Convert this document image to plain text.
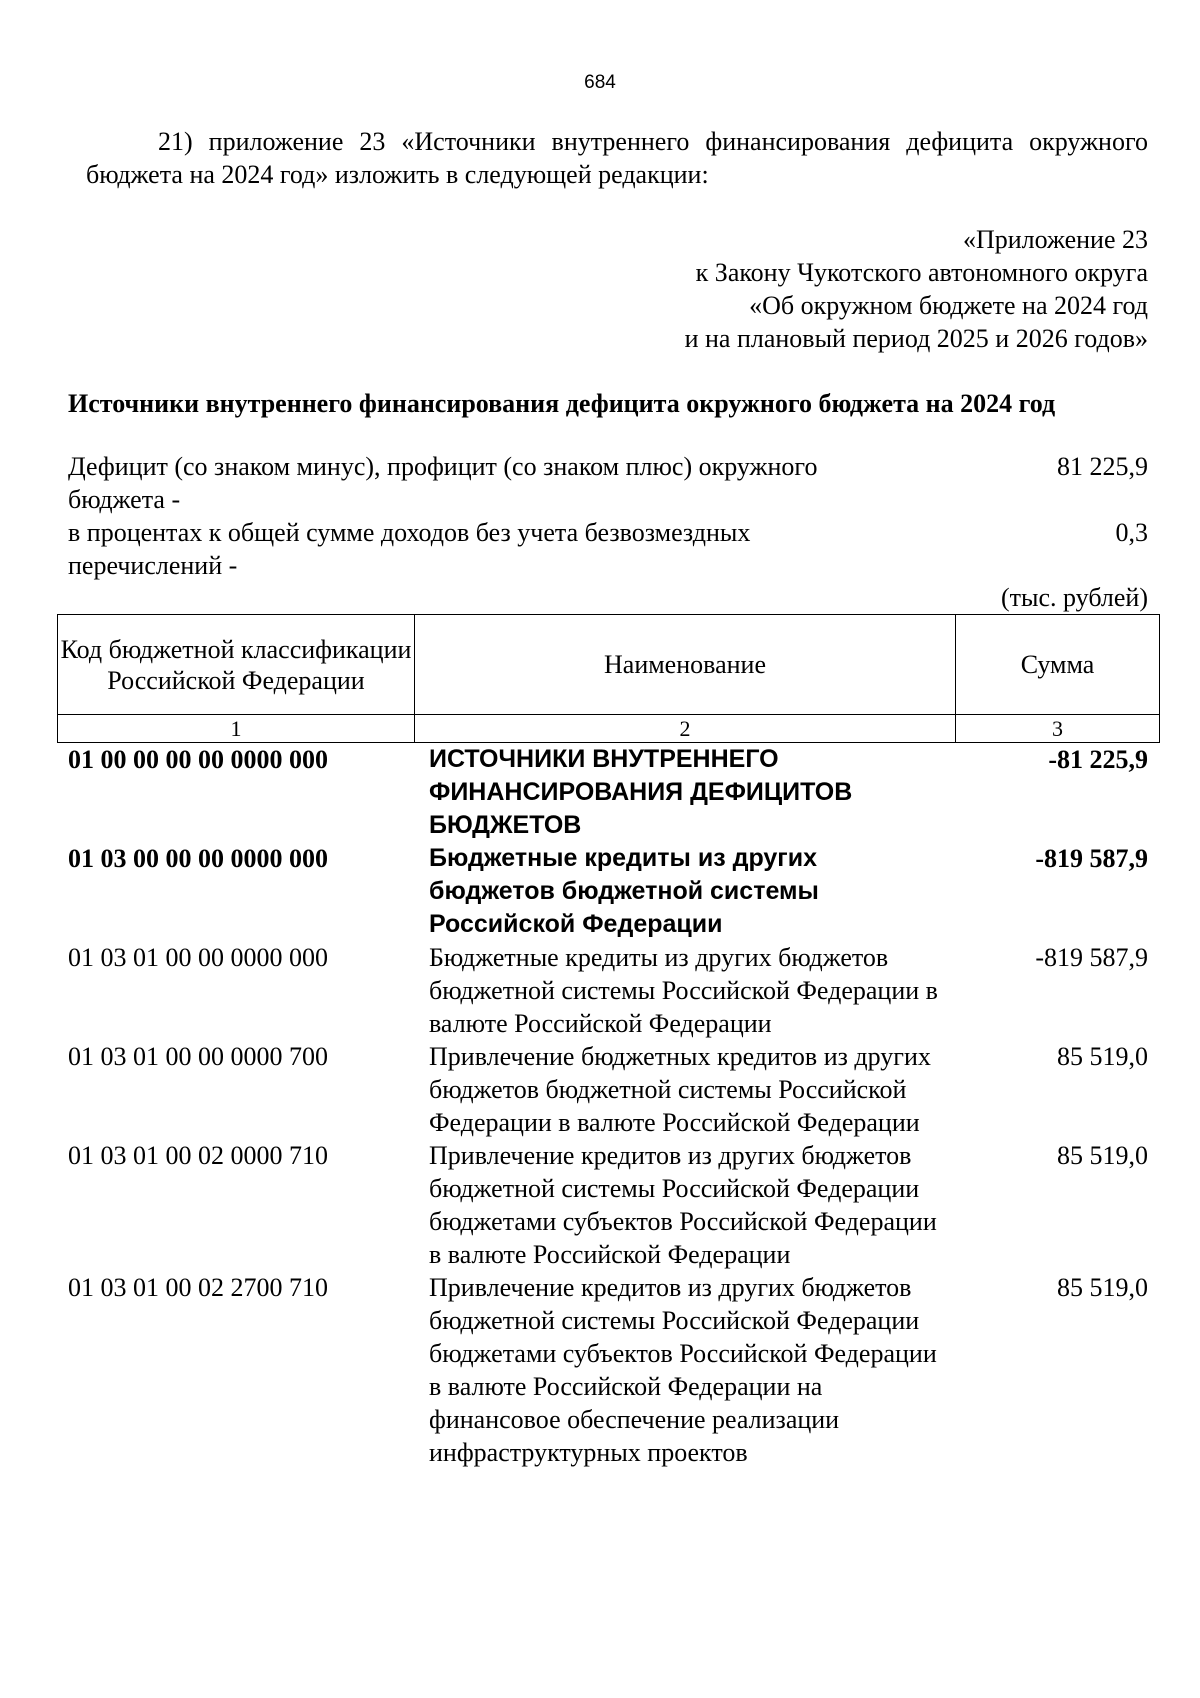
684
21) приложение 23 «Источники внутреннего финансирования дефицита окружного бюджета на 2024 год» изложить в следующей редакции:
«Приложение 23
к Закону Чукотского автономного округа
«Об окружном бюджете на 2024 год
и на плановый период 2025 и 2026 годов»
Источники внутреннего финансирования дефицита окружного бюджета на 2024 год
Дефицит (со знаком минус), профицит (со знаком плюс) окружного бюджета -
81 225,9
в процентах к общей сумме доходов без учета безвозмездных перечислений -
0,3
(тыс. рублей)
Код бюджетной классификации Российской Федерации	Наименование	Сумма
1	2	3
01 00 00 00 00 0000 000	ИСТОЧНИКИ ВНУТРЕННЕГО ФИНАНСИРОВАНИЯ ДЕФИЦИТОВ БЮДЖЕТОВ	-81 225,9
01 03 00 00 00 0000 000	Бюджетные кредиты из других бюджетов бюджетной системы Российской Федерации	-819 587,9
01 03 01 00 00 0000 000	Бюджетные кредиты из других бюджетов бюджетной системы Российской Федерации в валюте Российской Федерации	-819 587,9
01 03 01 00 00 0000 700	Привлечение бюджетных кредитов из других бюджетов бюджетной системы Российской Федерации в валюте Российской Федерации	85 519,0
01 03 01 00 02 0000 710	Привлечение кредитов из других бюджетов бюджетной системы Российской Федерации бюджетами субъектов Российской Федерации в валюте Российской Федерации	85 519,0
01 03 01 00 02 2700 710	Привлечение кредитов из других бюджетов бюджетной системы Российской Федерации бюджетами субъектов Российской Федерации в валюте Российской Федерации на финансовое обеспечение реализации инфраструктурных проектов	85 519,0
